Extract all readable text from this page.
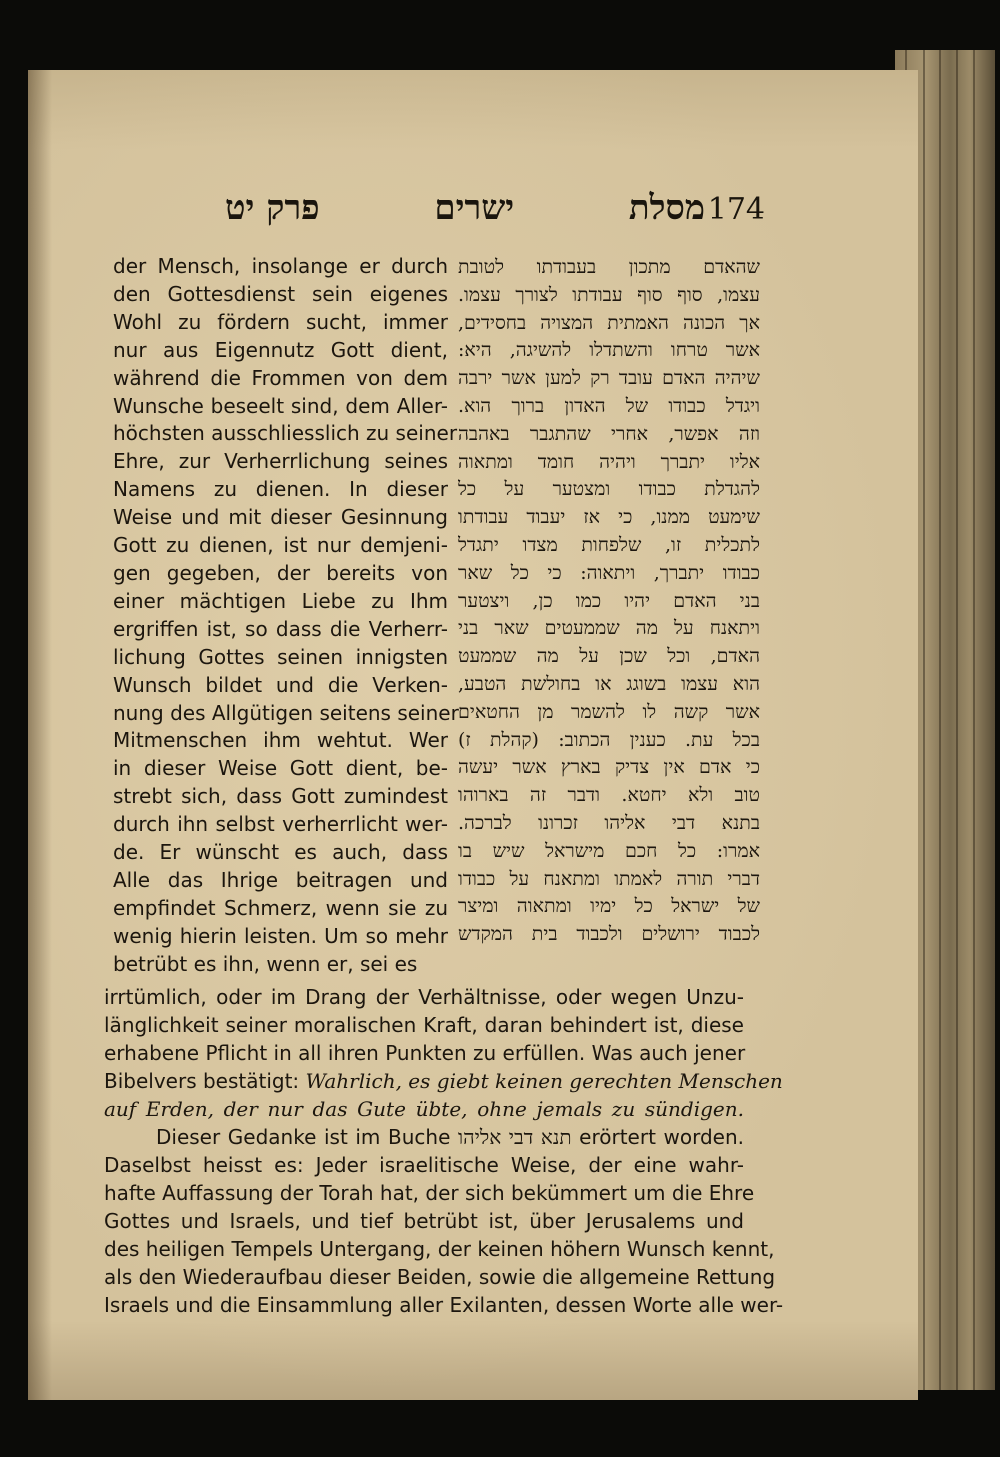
מסלת
ישרים
פרק יט	174
שהאדם מתכון בעבודתו לטובת
עצמו, סוף סוף עבודתו לצורך עצמו.
אך הכונה האמתית המצויה בחסידים,
אשר טרחו והשתדלו להשיגה, היא:
שיהיה האדם עובד רק למען אשר ירבה
ויגדל כבודו של האדון ברוך הוא.
וזה אפשר, אחרי שהתגבר באהבה
אליו יתברך ויהיה חומד ומתאוה
להגדלת כבודו ומצטער על כל
שימעט ממנו, כי אז יעבוד עבודתו
לתכלית זו, שלפחות מצדו יתגדל
כבודו יתברך, ויתאוה: כי כל שאר
בני האדם יהיו כמו כן, ויצטער
ויתאנח על מה שממעטים שאר בני
האדם, וכל שכן על מה שממעט
הוא עצמו בשוגג או בחולשת הטבע,
אשר קשה לו להשמר מן החטאים
בכל עת. כענין הכתוב: (קהלת ז)
כי אדם אין צדיק בארץ אשר יעשה
טוב ולא יחטא. ודבר זה בארוהו
בתנא דבי אליהו זכרונו לברכה.
אמרו: כל חכם מישראל שיש בו
דברי תורה לאמתו ומתאנח על כבודו
של ישראל כל ימיו ומתאוה ומיצר
לכבוד ירושלים ולכבוד בית המקדש
der Mensch, insolange er durch
den Gottesdienst sein eigenes
Wohl zu fördern sucht, immer
nur aus Eigennutz Gott dient,
während die Frommen von dem
Wunsche beseelt sind, dem Aller-
höchsten ausschliesslich zu seiner
Ehre, zur Verherrlichung seines
Namens zu dienen. In dieser
Weise und mit dieser Gesinnung
Gott zu dienen, ist nur demjeni-
gen gegeben, der bereits von
einer mächtigen Liebe zu Ihm
ergriffen ist, so dass die Verherr-
lichung Gottes seinen innigsten
Wunsch bildet und die Verken-
nung des Allgütigen seitens seiner
Mitmenschen ihm wehtut. Wer
in dieser Weise Gott dient, be-
strebt sich, dass Gott zumindest
durch ihn selbst verherrlicht wer-
de. Er wünscht es auch, dass
Alle das Ihrige beitragen und
empfindet Schmerz, wenn sie zu
wenig hierin leisten. Um so mehr
betrübt es ihn, wenn er, sei es
irrtümlich, oder im Drang der Verhältnisse, oder wegen Unzu-
länglichkeit seiner moralischen Kraft, daran behindert ist, diese
erhabene Pflicht in all ihren Punkten zu erfüllen. Was auch jener
Bibelvers bestätigt: Wahrlich, es giebt keinen gerechten Menschen
auf Erden, der nur das Gute übte, ohne jemals zu sündigen.
Dieser Gedanke ist im Buche תנא דבי אליהו erörtert worden.
Daselbst heisst es: Jeder israelitische Weise, der eine wahr-
hafte Auffassung der Torah hat, der sich bekümmert um die Ehre
Gottes und Israels, und tief betrübt ist, über Jerusalems und
des heiligen Tempels Untergang, der keinen höhern Wunsch kennt,
als den Wiederaufbau dieser Beiden, sowie die allgemeine Rettung
Israels und die Einsammlung aller Exilanten, dessen Worte alle wer-
